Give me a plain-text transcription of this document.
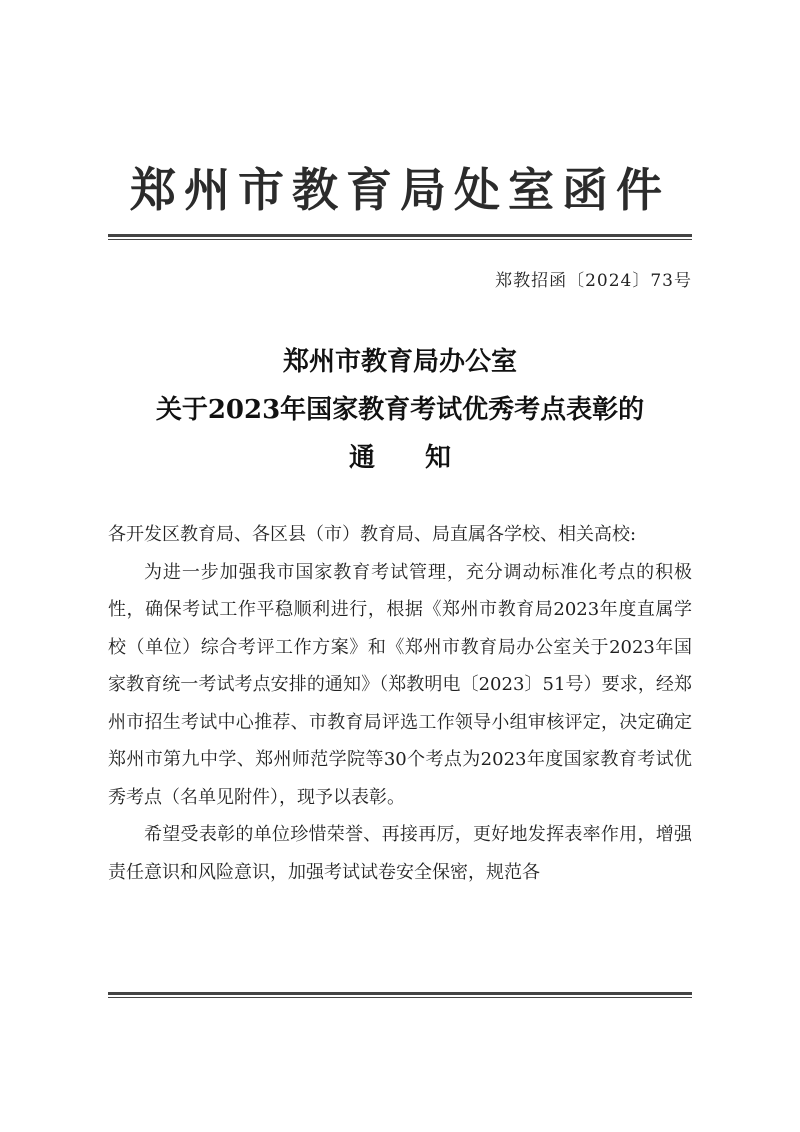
郑州市教育局处室函件
郑教招函〔2024〕73号
郑州市教育局办公室
关于2023年国家教育考试优秀考点表彰的
通知

各开发区教育局、各区县（市）教育局、局直属各学校、相关高校:

为进一步加强我市国家教育考试管理，充分调动标准化考点的积极性，确保考试工作平稳顺利进行，根据《郑州市教育局2023年度直属学校（单位）综合考评工作方案》和《郑州市教育局办公室关于2023年国家教育统一考试考点安排的通知》（郑教明电〔2023〕51号）要求，经郑州市招生考试中心推荐、市教育局评选工作领导小组审核评定，决定确定郑州市第九中学、郑州师范学院等30个考点为2023年度国家教育考试优秀考点（名单见附件），现予以表彰。

希望受表彰的单位珍惜荣誉、再接再厉，更好地发挥表率作用，增强责任意识和风险意识，加强考试试卷安全保密，规范各
